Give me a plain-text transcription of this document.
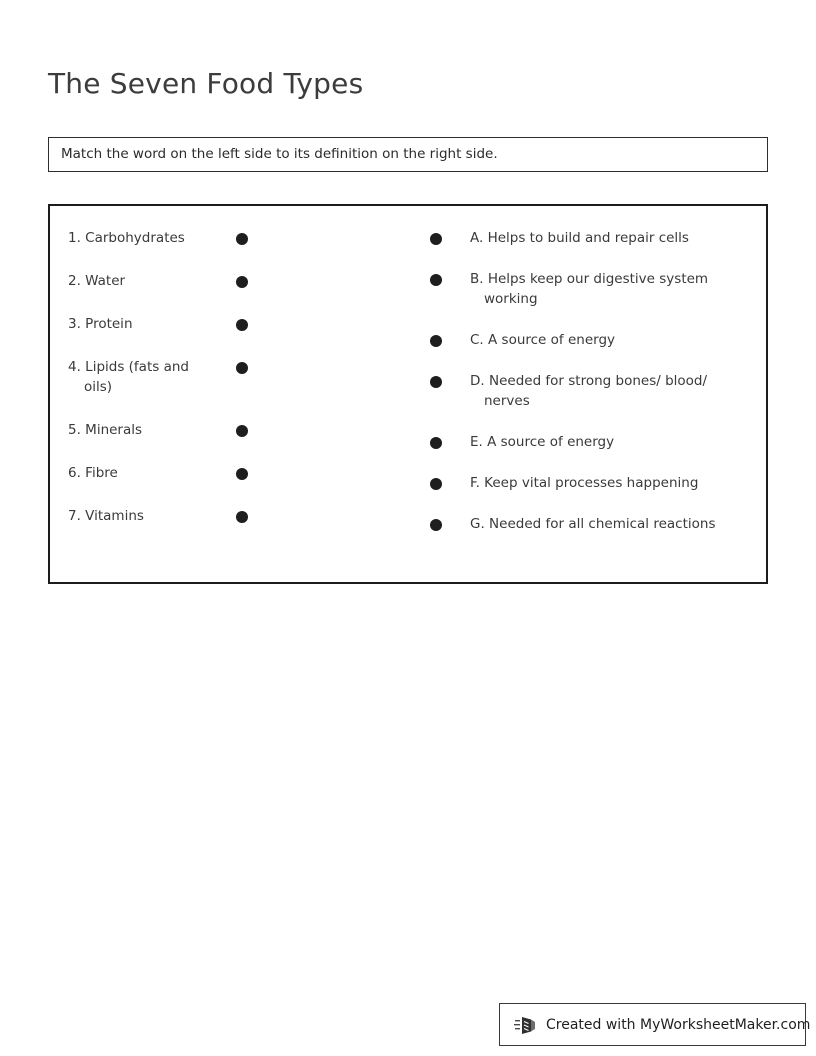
The Seven Food Types
Match the word on the left side to its definition on the right side.
1. Carbohydrates
2. Water
3. Protein
4. Lipids (fats and
oils)
5. Minerals
6. Fibre
7. Vitamins
A. Helps to build and repair cells
B. Helps keep our digestive system
working
C. A source of energy
D. Needed for strong bones/ blood/
nerves
E. A source of energy
F. Keep vital processes happening
G. Needed for all chemical reactions
Created with MyWorksheetMaker.com
